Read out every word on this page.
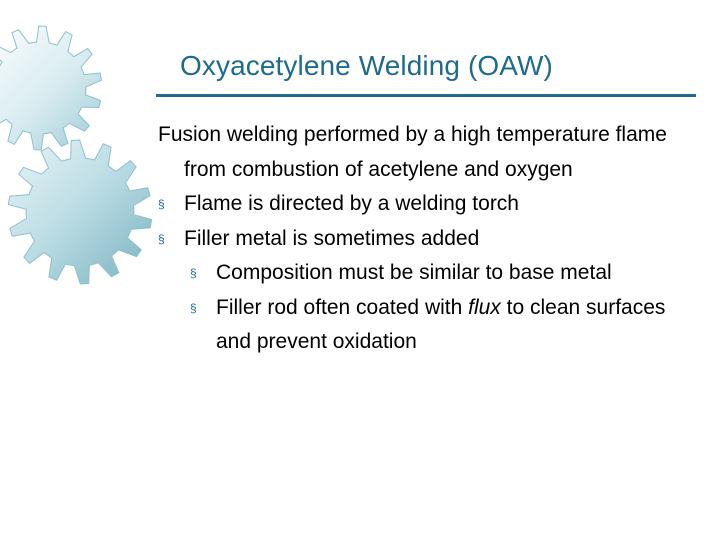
Oxyacetylene Welding (OAW)

Fusion welding performed by a high temperature flame from combustion of acetylene and oxygen

§ Flame is directed by a welding torch

§ Filler metal is sometimes added

§ Composition must be similar to base metal

§ Filler rod often coated with flux to clean surfaces and prevent oxidation
